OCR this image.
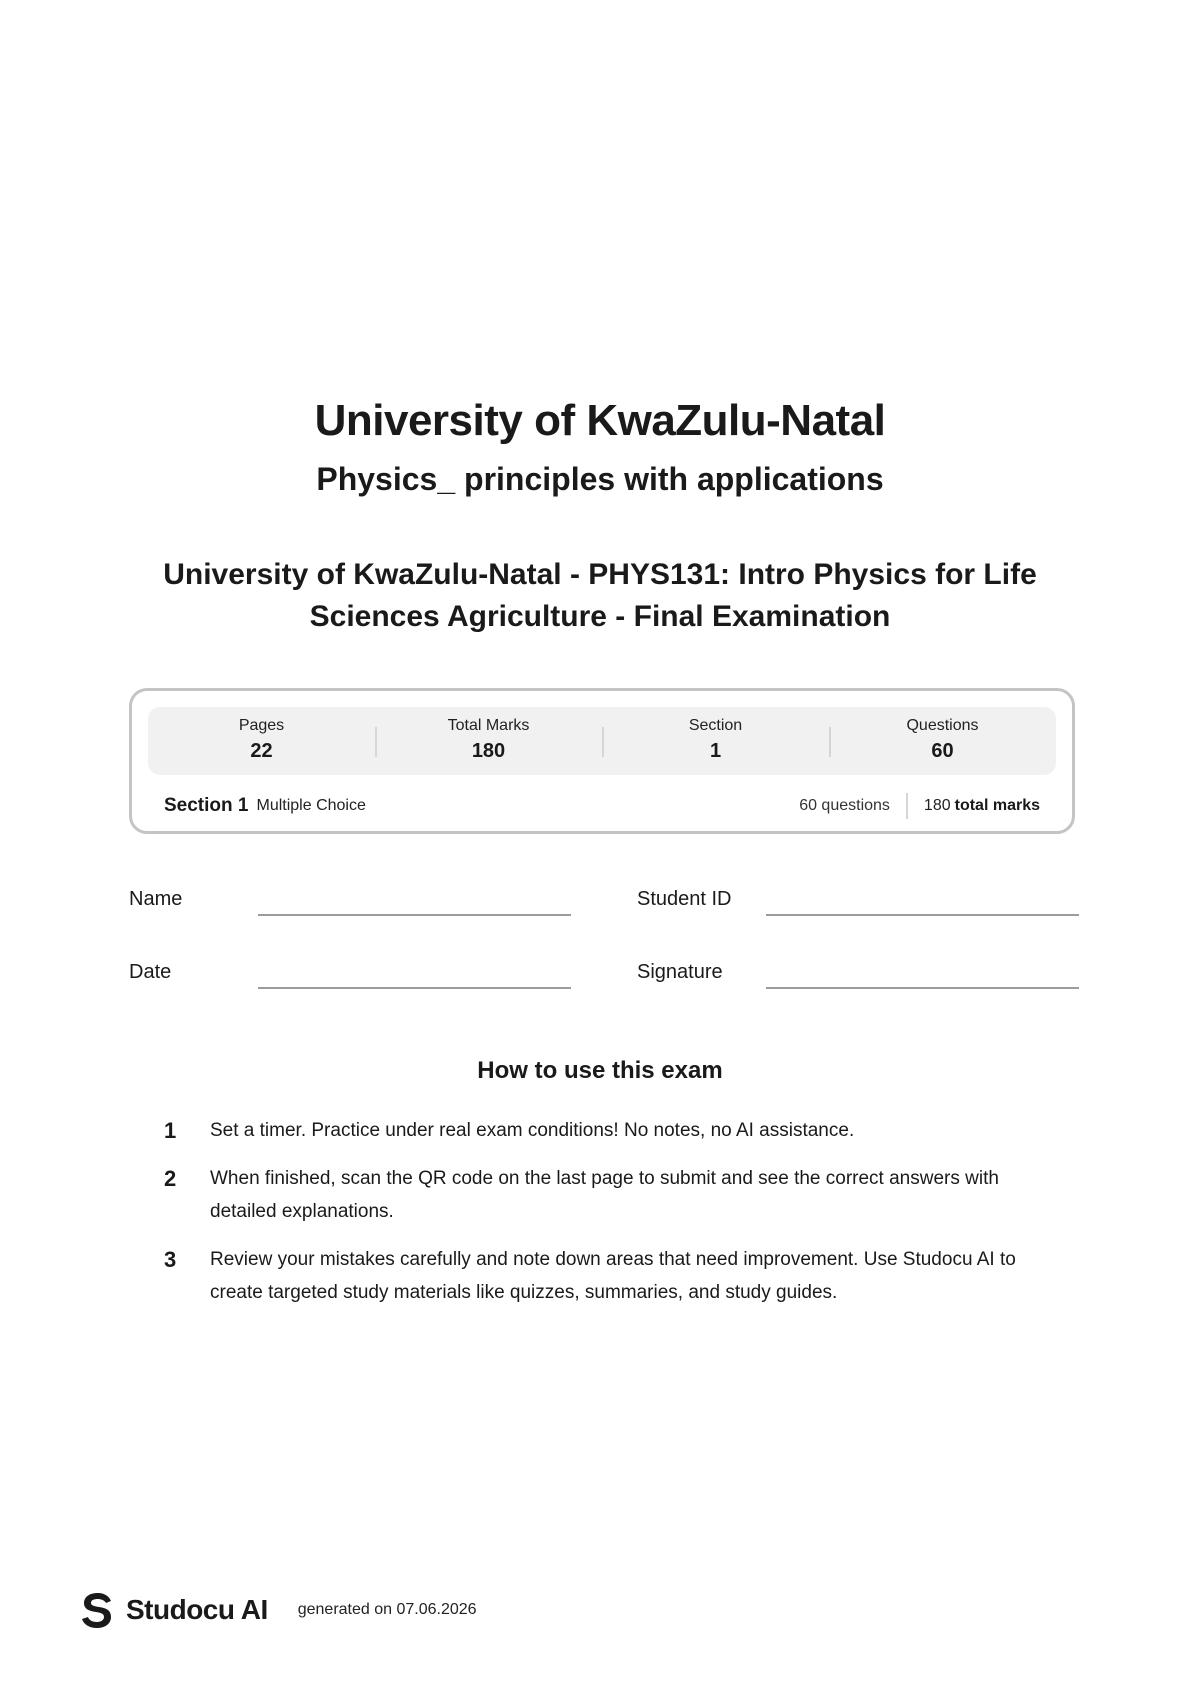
University of KwaZulu-Natal
Physics_ principles with applications
University of KwaZulu-Natal - PHYS131: Intro Physics for Life Sciences Agriculture - Final Examination
Pages
22
Total Marks
180
Section
1
Questions
60
Section 1 Multiple Choice	60 questions	180 total marks
Name	Student ID
Date	Signature
How to use this exam
1	Set a timer. Practice under real exam conditions! No notes, no AI assistance.
2	When finished, scan the QR code on the last page to submit and see the correct answers with detailed explanations.
3	Review your mistakes carefully and note down areas that need improvement. Use Studocu AI to create targeted study materials like quizzes, summaries, and study guides.
Studocu AI generated on 07.06.2026
